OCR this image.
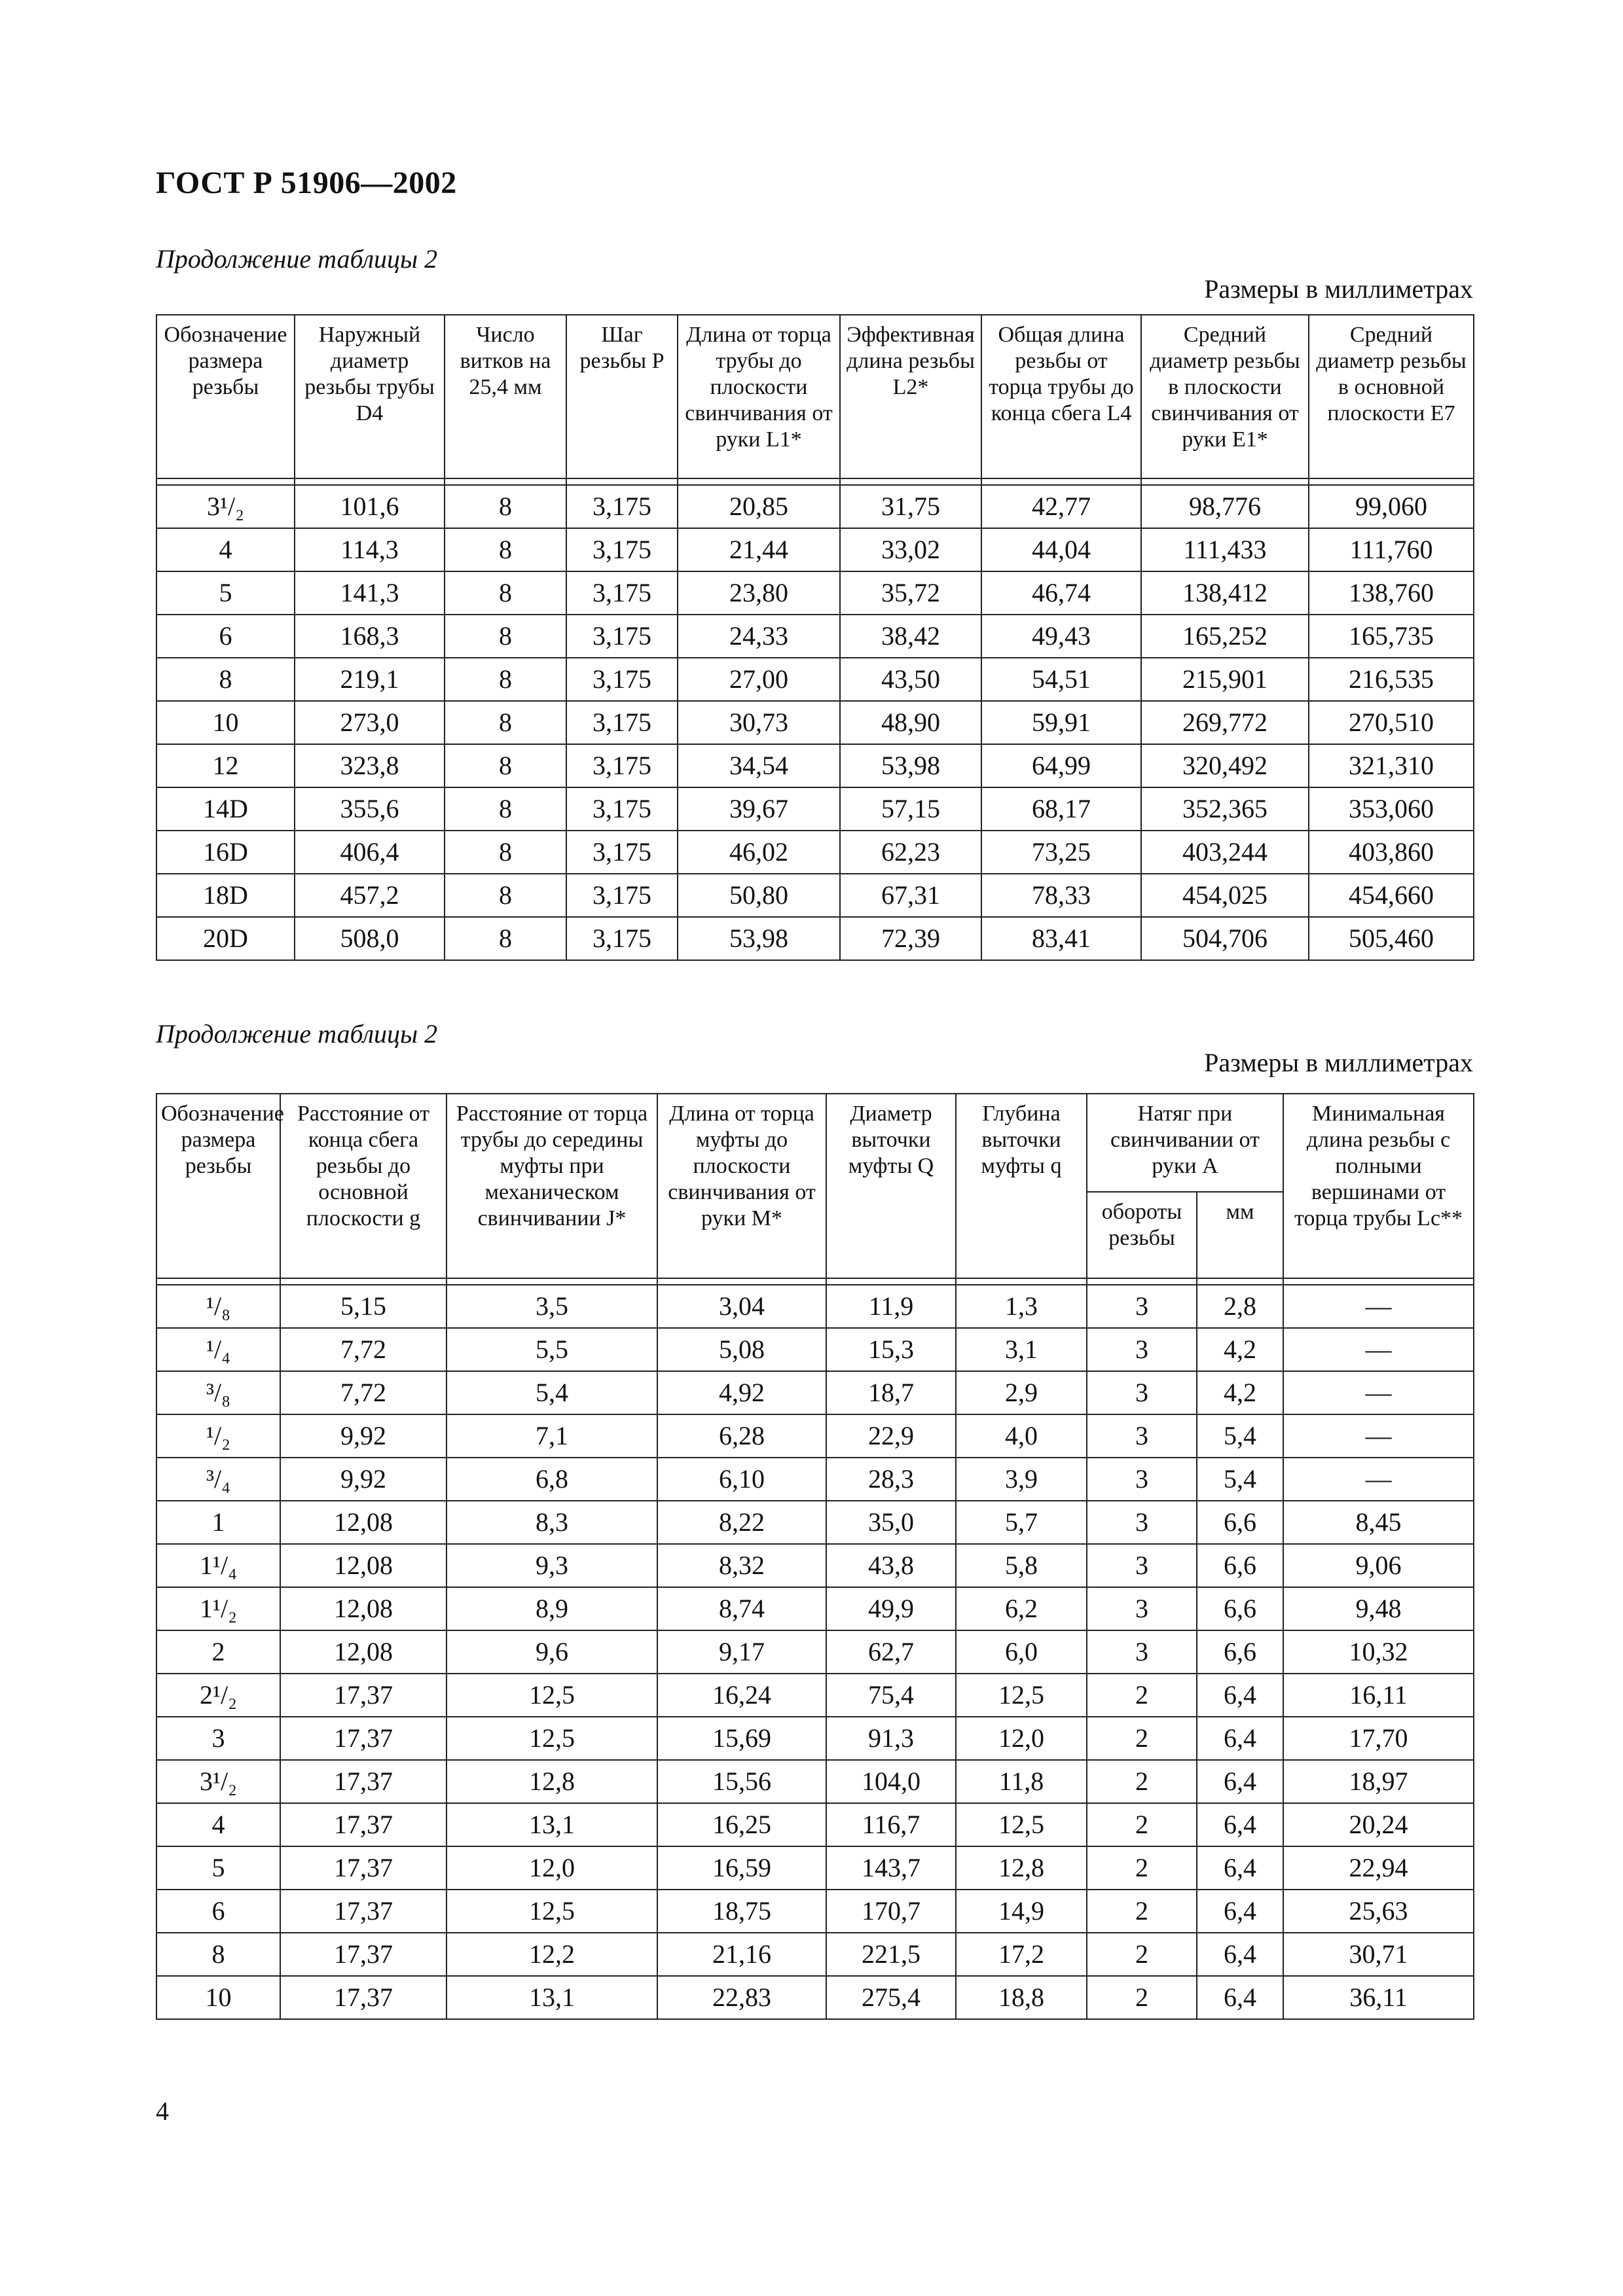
ГОСТ Р 51906—2002
Продолжение таблицы 2
Размеры в миллиметрах
Обозначение размера резьбы	Наружный диаметр резьбы трубы D4	Число витков на 25,4 мм	Шаг резьбы P	Длина от торца трубы до плоскости свинчивания от руки L1*	Эффективная длина резьбы L2*	Общая длина резьбы от торца трубы до конца сбега L4	Средний диаметр резьбы в плоскости свинчивания от руки E1*	Средний диаметр резьбы в основной плоскости E7

3¹/₂	101,6	8	3,175	20,85	31,75	42,77	98,776	99,060
4	114,3	8	3,175	21,44	33,02	44,04	111,433	111,760
5	141,3	8	3,175	23,80	35,72	46,74	138,412	138,760
6	168,3	8	3,175	24,33	38,42	49,43	165,252	165,735
8	219,1	8	3,175	27,00	43,50	54,51	215,901	216,535
10	273,0	8	3,175	30,73	48,90	59,91	269,772	270,510
12	323,8	8	3,175	34,54	53,98	64,99	320,492	321,310
14D	355,6	8	3,175	39,67	57,15	68,17	352,365	353,060
16D	406,4	8	3,175	46,02	62,23	73,25	403,244	403,860
18D	457,2	8	3,175	50,80	67,31	78,33	454,025	454,660
20D	508,0	8	3,175	53,98	72,39	83,41	504,706	505,460
Продолжение таблицы 2
Размеры в миллиметрах
Обозначение размера резьбы	Расстояние от конца сбега резьбы до основной плоскости g	Расстояние от торца трубы до середины муфты при механическом свинчивании J*	Длина от торца муфты до плоскости свинчивания от руки M*	Диаметр выточки муфты Q	Глубина выточки муфты q	Натяг при свинчивании от руки A		Минимальная длина резьбы с полными вершинами от торца трубы Lc**
						обороты резьбы	мм	

¹/₈	5,15	3,5	3,04	11,9	1,3	3	2,8	—
¹/₄	7,72	5,5	5,08	15,3	3,1	3	4,2	—
³/₈	7,72	5,4	4,92	18,7	2,9	3	4,2	—
¹/₂	9,92	7,1	6,28	22,9	4,0	3	5,4	—
³/₄	9,92	6,8	6,10	28,3	3,9	3	5,4	—
1	12,08	8,3	8,22	35,0	5,7	3	6,6	8,45
1¹/₄	12,08	9,3	8,32	43,8	5,8	3	6,6	9,06
1¹/₂	12,08	8,9	8,74	49,9	6,2	3	6,6	9,48
2	12,08	9,6	9,17	62,7	6,0	3	6,6	10,32
2¹/₂	17,37	12,5	16,24	75,4	12,5	2	6,4	16,11
3	17,37	12,5	15,69	91,3	12,0	2	6,4	17,70
3¹/₂	17,37	12,8	15,56	104,0	11,8	2	6,4	18,97
4	17,37	13,1	16,25	116,7	12,5	2	6,4	20,24
5	17,37	12,0	16,59	143,7	12,8	2	6,4	22,94
6	17,37	12,5	18,75	170,7	14,9	2	6,4	25,63
8	17,37	12,2	21,16	221,5	17,2	2	6,4	30,71
10	17,37	13,1	22,83	275,4	18,8	2	6,4	36,11
4
